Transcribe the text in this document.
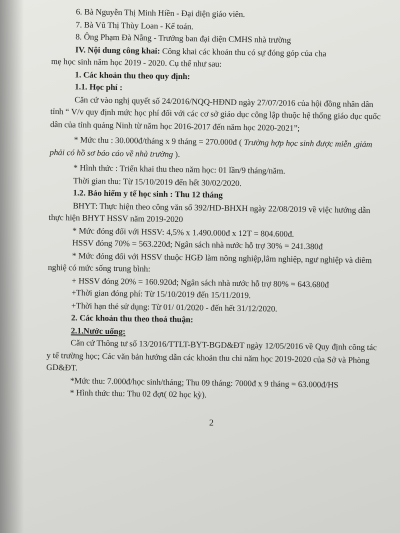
6. Bà Nguyễn Thị Minh Hiền - Đại diện giáo viên.

7. Bà Vũ Thị Thùy Loan - Kế toán.

8. Ông Phạm Đà Nẵng - Trưởng ban đại diện CMHS nhà trường

IV. Nội dung công khai: Công khai các khoản thu có sự đóng góp của cha

mẹ học sinh năm học 2019 - 2020. Cụ thể như sau:

1. Các khoản thu theo quy định:

1.1. Học phí :

Căn cứ vào nghị quyết số 24/2016/NQQ-HĐND ngày 27/07/2016 của hội đồng nhân dân tỉnh “ V/v quy định mức học phí đối với các cơ sở giáo dục công lập thuộc hệ thống giáo dục quốc dân của tỉnh quảng Ninh từ năm học 2016-2017 đến năm học 2020-2021”;

* Mức thu : 30.000đ/tháng x 9 tháng = 270.000đ ( Trường hợp học sinh được miễn ,giảm phải có hồ sơ báo cáo về nhà trường ).

* Hình thức : Triển khai thu theo năm học: 01 lần/9 tháng/năm.

Thời gian thu: Từ 15/10/2019 đến hết 30/02/2020.

1.2. Bảo hiểm y tế học sinh : Thu 12 tháng

BHYT: Thực hiện theo công văn số 392/HD-BHXH ngày 22/08/2019 về việc hướng dẫn thực hiện BHYT HSSV năm 2019-2020

* Mức đóng đối với HSSV: 4,5% x 1.490.000đ x 12T = 804.600đ.

HSSV đóng 70% = 563.220đ; Ngân sách nhà nước hỗ trợ 30% = 241.380đ

* Mức đóng đối với HSSV thuộc HGĐ làm nông nghiệp,lâm nghiệp, ngư nghiệp và diêm nghiệ có mức sống trung bình:

+ HSSV đóng 20% = 160.920đ; Ngân sách nhà nước hỗ trợ 80% = 643.680đ

+Thời gian đóng phí: Từ 15/10/2019 đến 15/11/2019.

+Thời hạn thẻ sử dụng: Từ 01/ 01/2020 - đến hết 31/12/2020.

2. Các khoản thu theo thoả thuận:

2.1.Nước uống:

Căn cứ Thông tư số 13/2016/TTLT-BYT-BGD&ĐT ngày 12/05/2016 về Quy định công tác y tế trường học; Các văn bản hướng dẫn các khoản thu chi năm học 2019-2020 của Sở và Phòng GD&ĐT.

*Mức thu: 7.000đ/học sinh/tháng; Thu 09 tháng: 7000đ x 9 tháng = 63.000đ/HS

* Hình thức thu: Thu 02 đợt( 02 học kỳ).

2
